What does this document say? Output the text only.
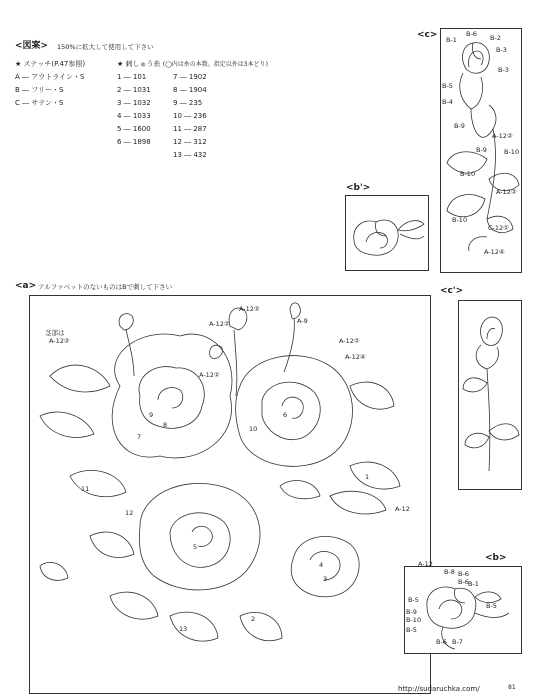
<図案> 150%に拡大して使用して下さい
★ ステッチ(P.47参照)
A ― アウトライン・S
B ― フリー・S
C ― サテン・S
★ 刺しゅう糸 (◯内は糸の本数。指定以外は3本どり)
1 ― 101
2 ― 1031
3 ― 1032
4 ― 1033
5 ― 1600
6 ― 1898
7 ― 1902
8 ― 1904
9 ― 235
10 ― 236
11 ― 287
12 ― 312
13 ― 432
<c>	B-6
B-1	B-2
B-3
B-3
B-5
B-4
B-9
A-12②
B-10
B-9
B-10
A-12②
B-10
C-12②
A-12④
<b'>
<c'>
<a> アルファベットのないものはBで刺して下さい
A-12②
A-12②	A-9
A-12②
A-12④
茎部は
A-12②
A-12②
A-12
9
8
7
6
10
11
12
13
5
4
3
2
1
<b>
A-12
B-1
B-6
B-8
B-5
B-6
B-9
B-10
B-5
B-6 B-7
B-5
http://sudaruchka.com/	81
